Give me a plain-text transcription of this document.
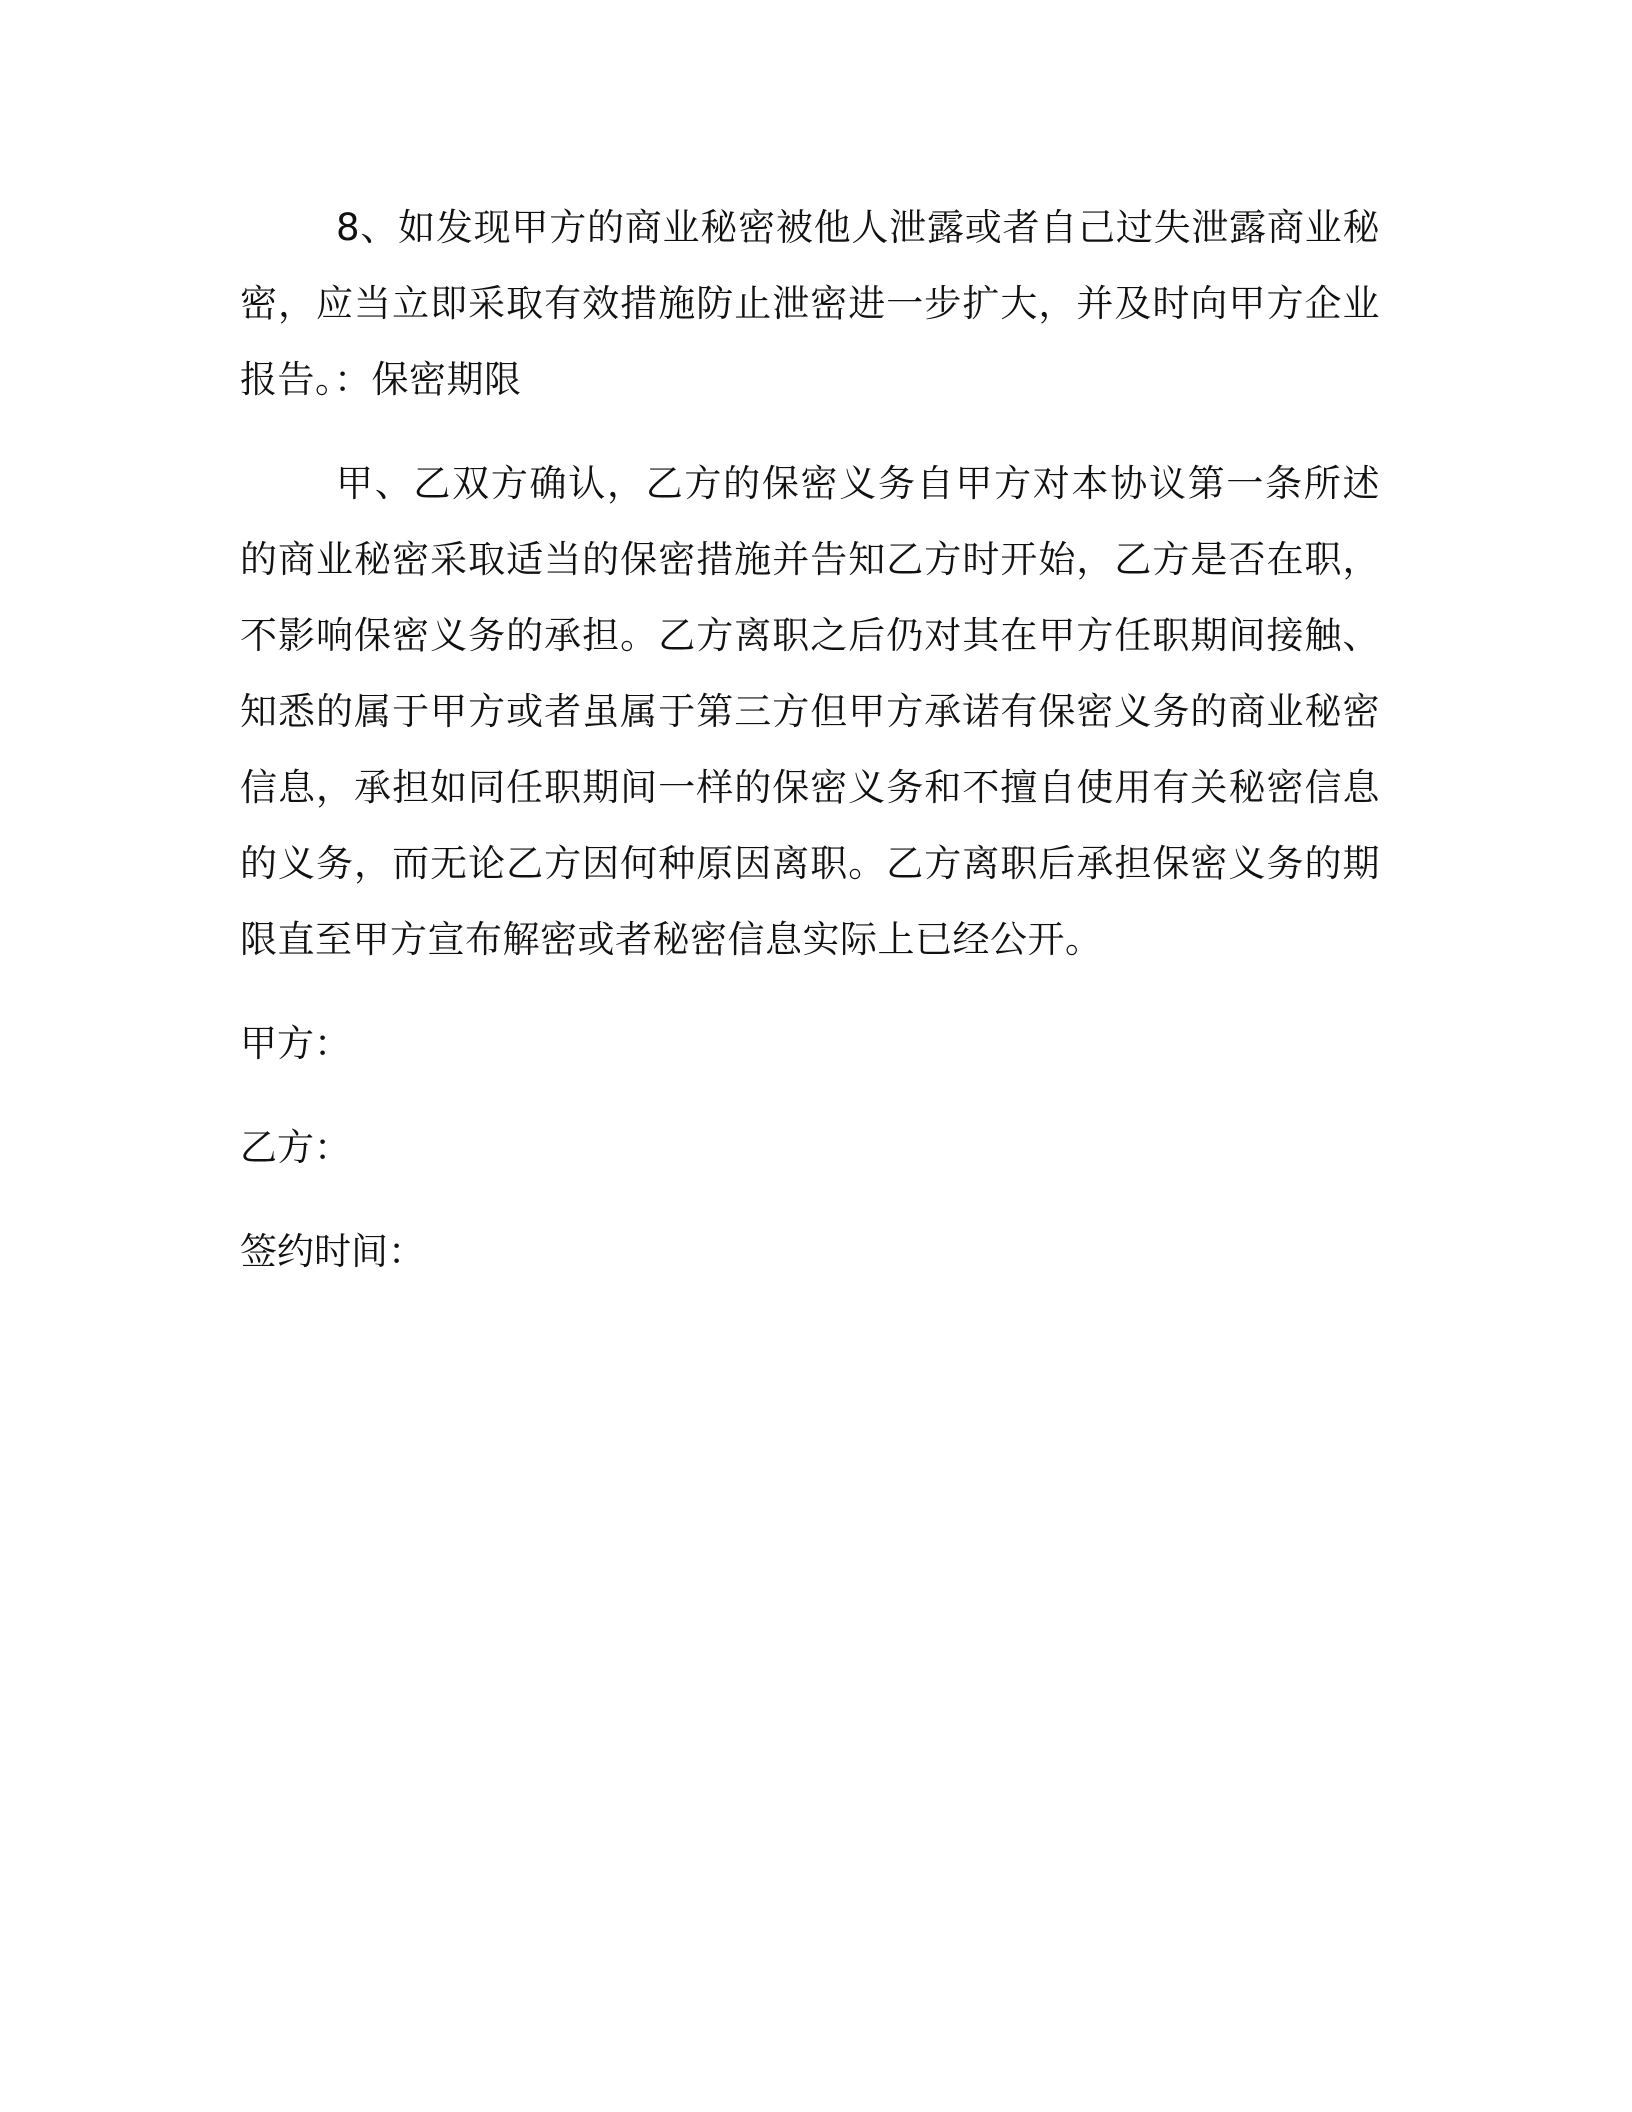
8、如发现甲方的商业秘密被他人泄露或者自己过失泄露商业秘密，应当立即采取有效措施防止泄密进一步扩大，并及时向甲方企业报告。：保密期限

甲、乙双方确认，乙方的保密义务自甲方对本协议第一条所述的商业秘密采取适当的保密措施并告知乙方时开始，乙方是否在职，不影响保密义务的承担。乙方离职之后仍对其在甲方任职期间接触、知悉的属于甲方或者虽属于第三方但甲方承诺有保密义务的商业秘密信息，承担如同任职期间一样的保密义务和不擅自使用有关秘密信息的义务，而无论乙方因何种原因离职。乙方离职后承担保密义务的期限直至甲方宣布解密或者秘密信息实际上已经公开。

甲方：

乙方：

签约时间：
